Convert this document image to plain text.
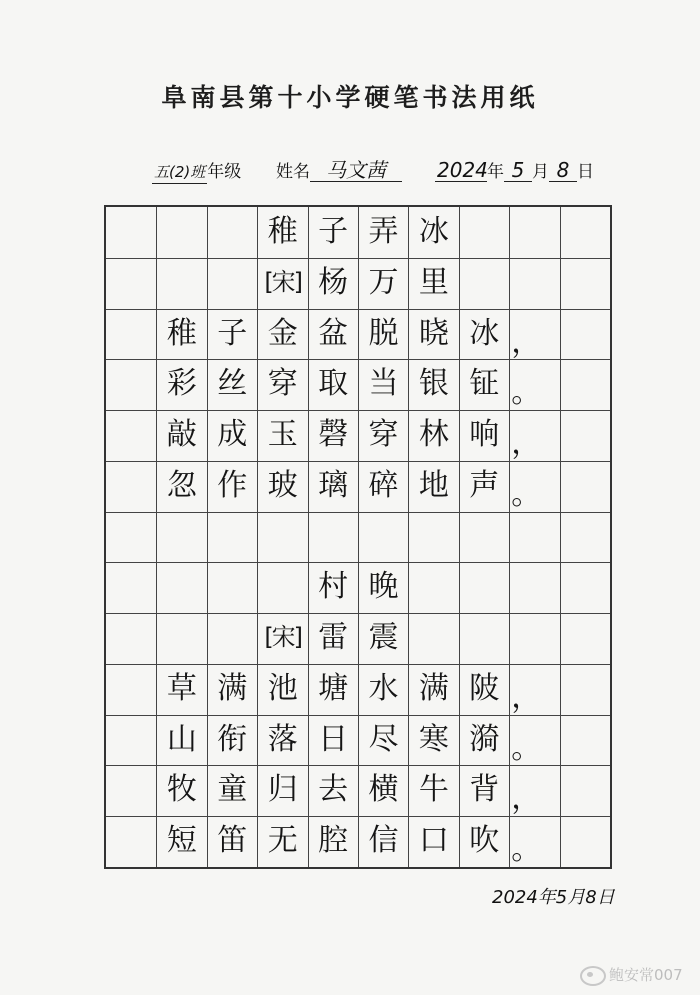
阜南县第十小学硬笔书法用纸
五(2)班 年级 姓名 马文茜	2024年 5 月 8 日
稚 子 弄 冰
[宋] 杨 万 里
稚 子 金 盆 脱 晓 冰 ，
彩 丝 穿 取 当 银 钲 。
敲 成 玉 磬 穿 林 响 ，
忽 作 玻 璃 碎 地 声 。
村 晚
[宋] 雷 震
草 满 池 塘 水 满 陂 ，
山 衔 落 日 尽 寒 漪 。
牧 童 归 去 横 牛 背 ，
短 笛 无 腔 信 口 吹 。
2024年5月8日
鲍安常007
